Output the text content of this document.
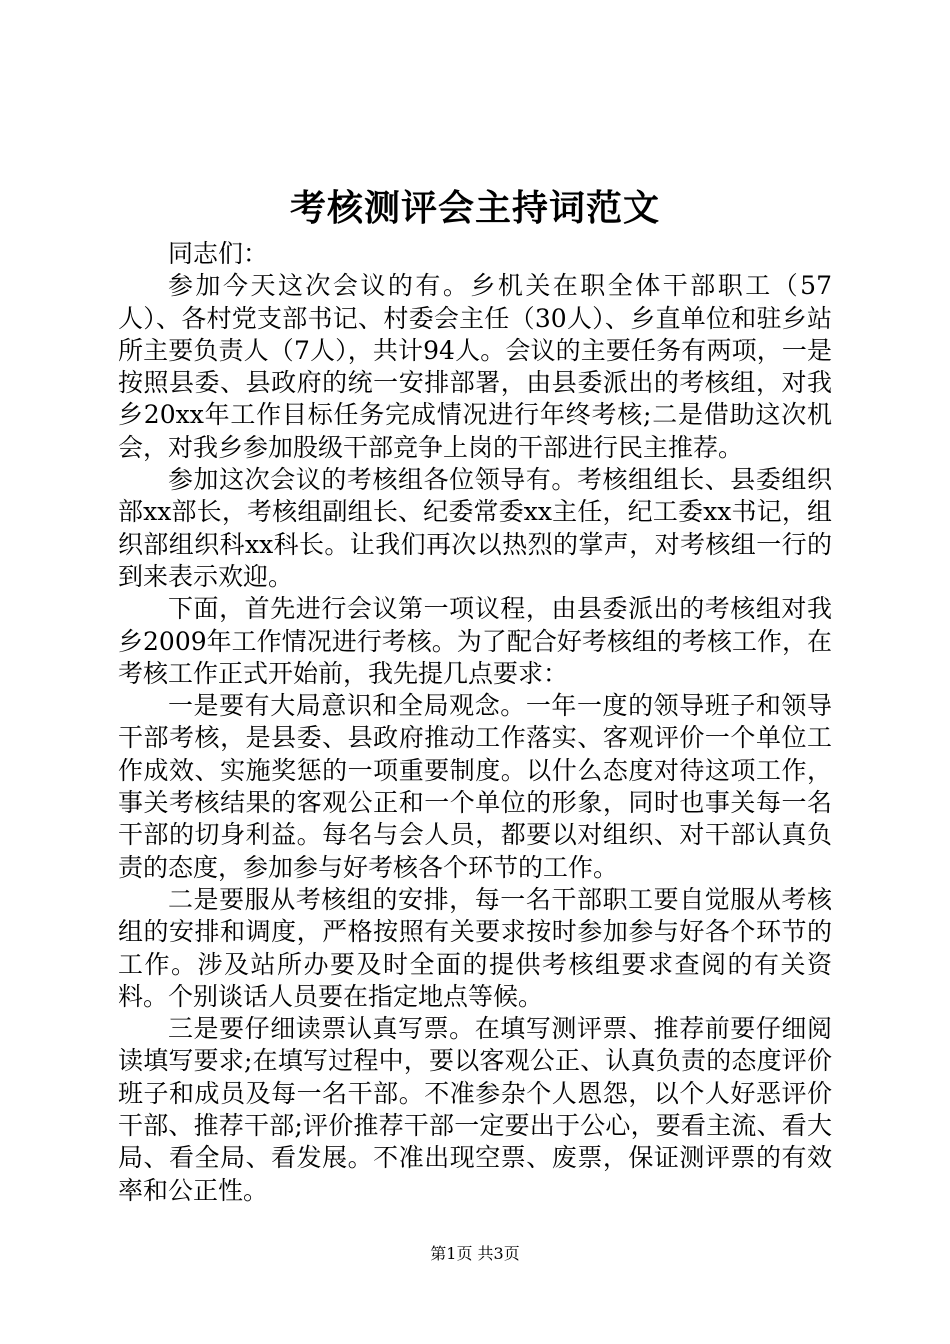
考核测评会主持词范文

同志们：

参加今天这次会议的有。乡机关在职全体干部职工（57人）、各村党支部书记、村委会主任（30人）、乡直单位和驻乡站所主要负责人（7人），共计94人。会议的主要任务有两项，一是按照县委、县政府的统一安排部署，由县委派出的考核组，对我乡20xx年工作目标任务完成情况进行年终考核;二是借助这次机会，对我乡参加股级干部竞争上岗的干部进行民主推荐。

参加这次会议的考核组各位领导有。考核组组长、县委组织部xx部长，考核组副组长、纪委常委xx主任，纪工委xx书记，组织部组织科xx科长。让我们再次以热烈的掌声，对考核组一行的到来表示欢迎。

下面，首先进行会议第一项议程，由县委派出的考核组对我乡2009年工作情况进行考核。为了配合好考核组的考核工作，在考核工作正式开始前，我先提几点要求：

一是要有大局意识和全局观念。一年一度的领导班子和领导干部考核，是县委、县政府推动工作落实、客观评价一个单位工作成效、实施奖惩的一项重要制度。以什么态度对待这项工作，事关考核结果的客观公正和一个单位的形象，同时也事关每一名干部的切身利益。每名与会人员，都要以对组织、对干部认真负责的态度，参加参与好考核各个环节的工作。

二是要服从考核组的安排，每一名干部职工要自觉服从考核组的安排和调度，严格按照有关要求按时参加参与好各个环节的工作。涉及站所办要及时全面的提供考核组要求查阅的有关资料。个别谈话人员要在指定地点等候。

三是要仔细读票认真写票。在填写测评票、推荐前要仔细阅读填写要求;在填写过程中，要以客观公正、认真负责的态度评价班子和成员及每一名干部。不准参杂个人恩怨，以个人好恶评价干部、推荐干部;评价推荐干部一定要出于公心，要看主流、看大局、看全局、看发展。不准出现空票、废票，保证测评票的有效率和公正性。

第1页 共3页
